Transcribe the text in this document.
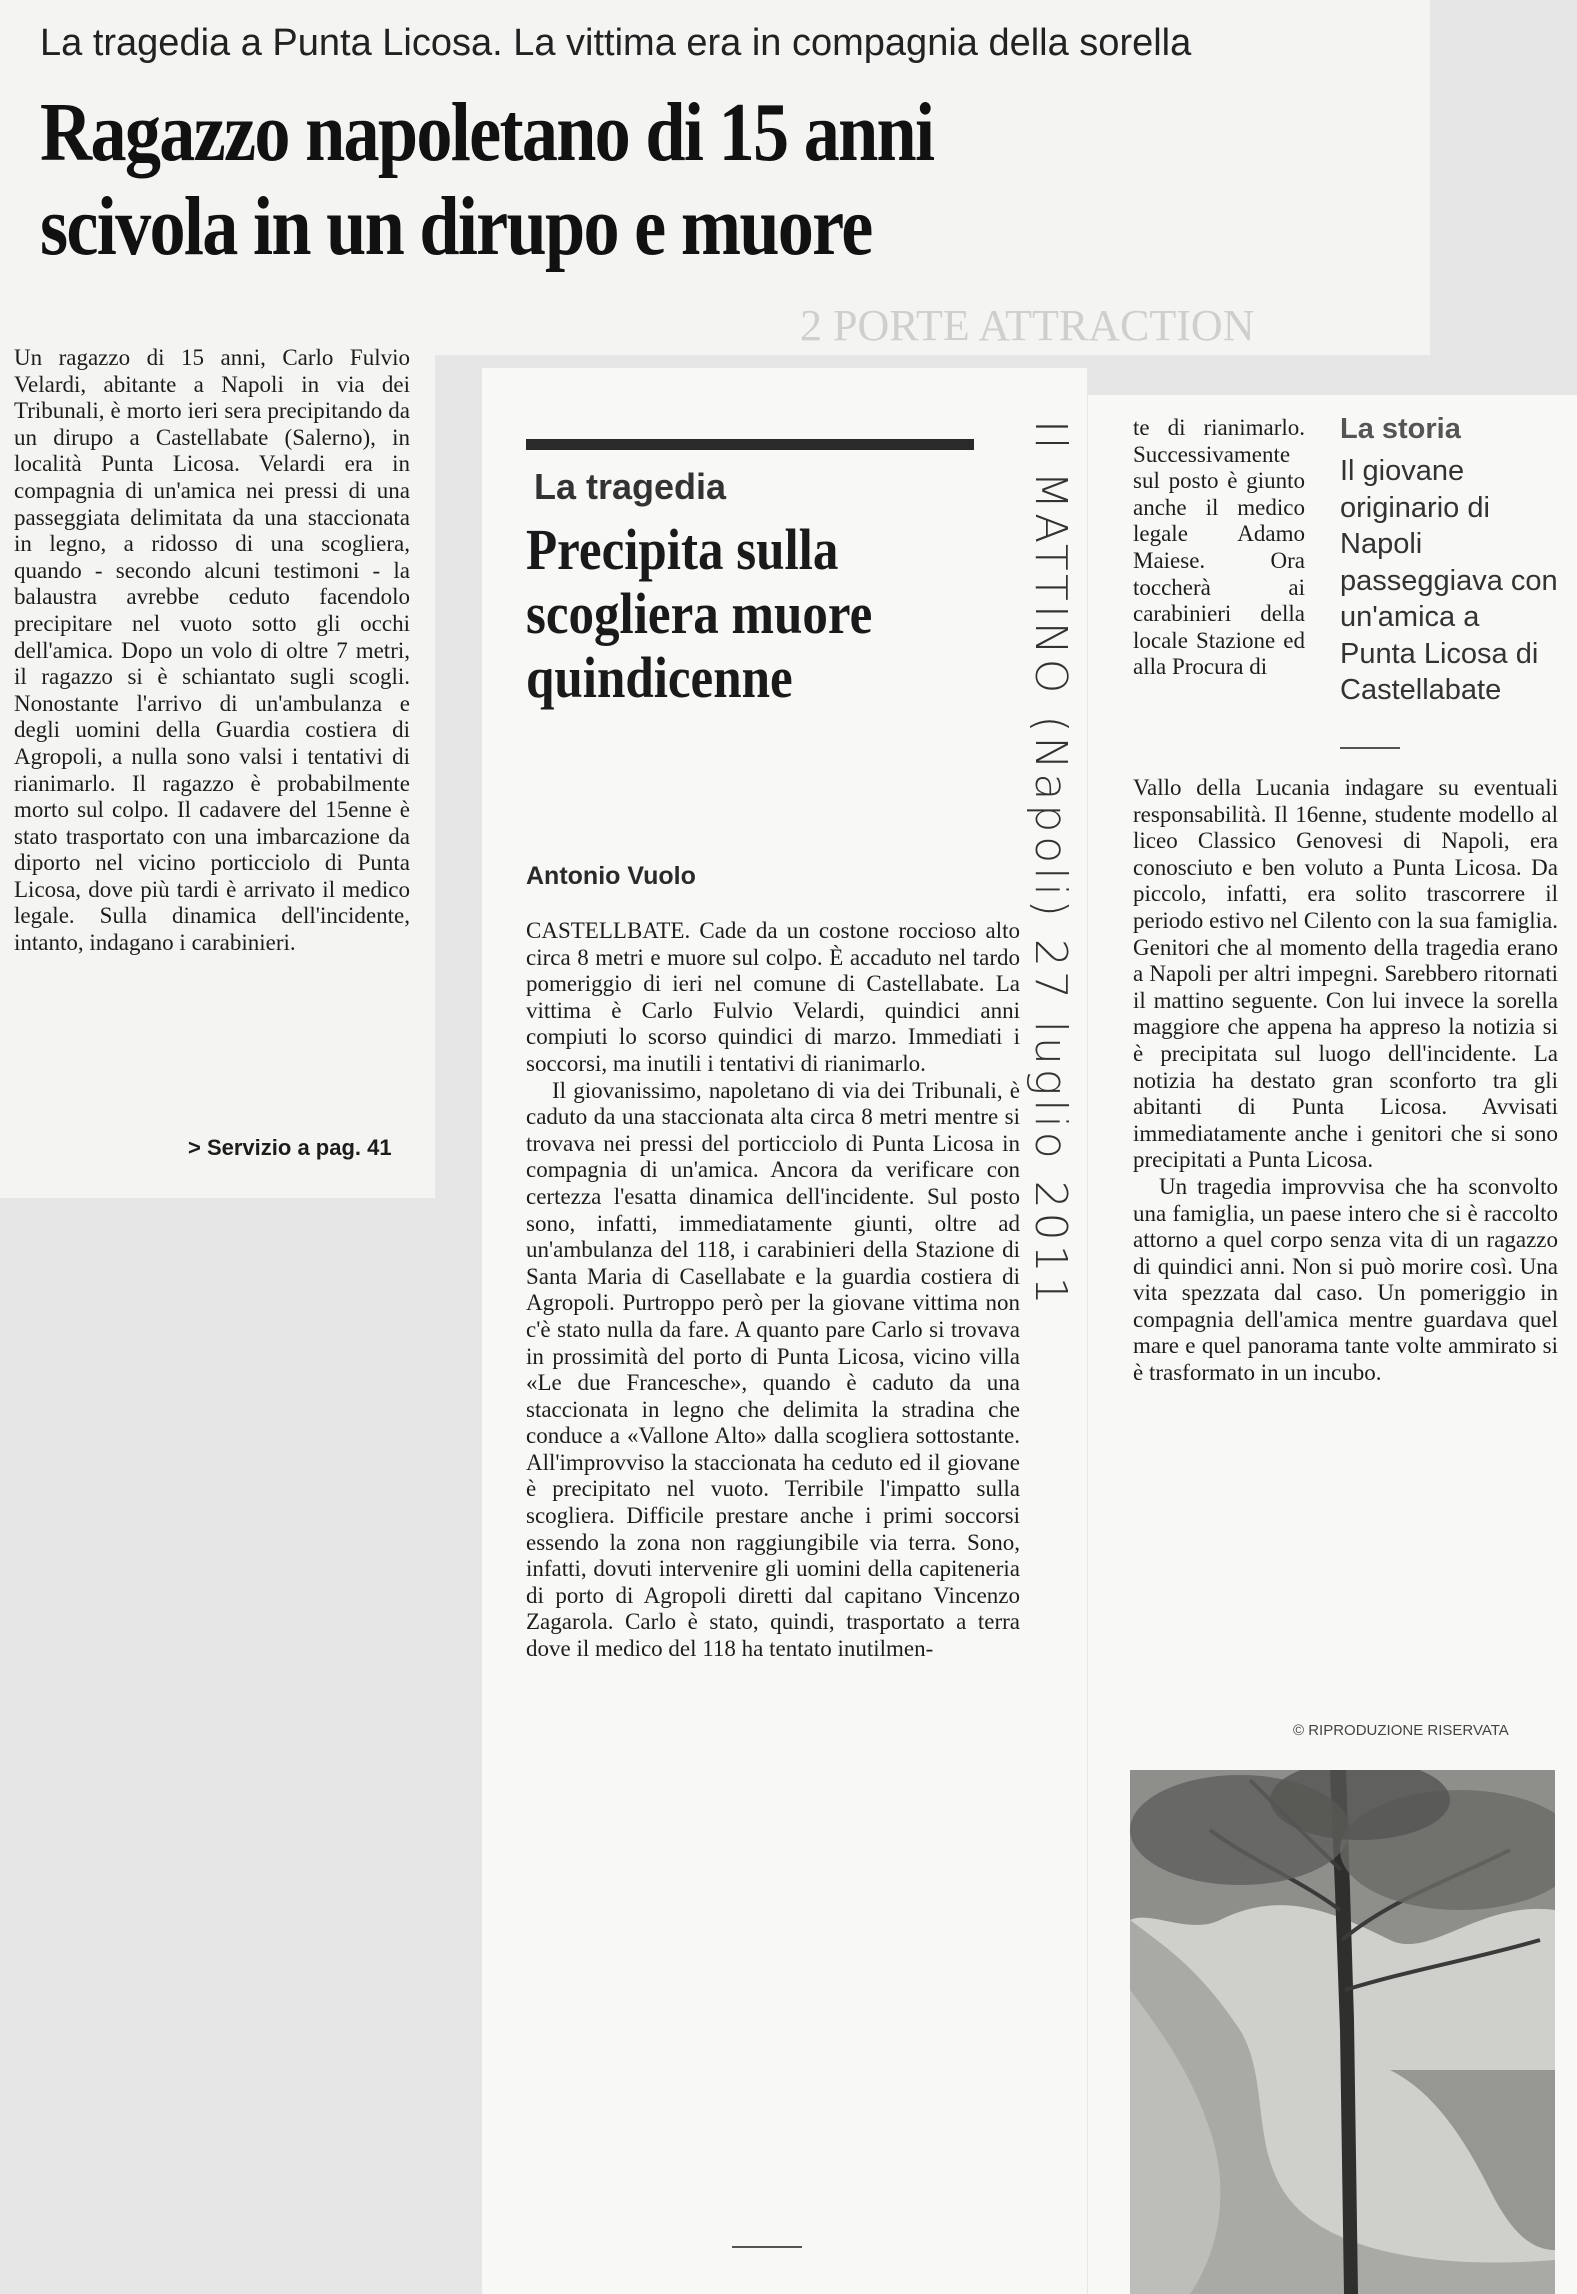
2 PORTE ATTRACTION
La tragedia a Punta Licosa. La vittima era in compagnia della sorella
Ragazzo napoletano di 15 anni
scivola in un dirupo e muore
Un ragazzo di 15 anni, Carlo Fulvio Velardi, abitante a Napoli in via dei Tribunali, è morto ieri sera precipitando da un dirupo a Castellabate (Salerno), in località Punta Licosa. Velardi era in compagnia di un'amica nei pressi di una passeggiata delimitata da una staccionata in legno, a ridosso di una scogliera, quando - secondo alcuni testimoni - la balaustra avrebbe ceduto facendolo precipitare nel vuoto sotto gli occhi dell'amica. Dopo un volo di oltre 7 metri, il ragazzo si è schiantato sugli scogli. Nonostante l'arrivo di un'ambulanza e degli uomini della Guardia costiera di Agropoli, a nulla sono valsi i tentativi di rianimarlo. Il ragazzo è probabilmente morto sul colpo. Il cadavere del 15enne è stato trasportato con una imbarcazione da diporto nel vicino porticciolo di Punta Licosa, dove più tardi è arrivato il medico legale. Sulla dinamica dell'incidente, intanto, indagano i carabinieri.
> Servizio a pag. 41
La tragedia
Precipita sulla scogliera muore quindicenne
Antonio Vuolo

CASTELLBATE. Cade da un costone roccioso alto circa 8 metri e muore sul colpo. È accaduto nel tardo pomeriggio di ieri nel comune di Castellabate. La vittima è Carlo Fulvio Velardi, quindici anni compiuti lo scorso quindici di marzo. Immediati i soccorsi, ma inutili i tentativi di rianimarlo.

Il giovanissimo, napoletano di via dei Tribunali, è caduto da una staccionata alta circa 8 metri mentre si trovava nei pressi del porticciolo di Punta Licosa in compagnia di un'amica. Ancora da verificare con certezza l'esatta dinamica dell'incidente. Sul posto sono, infatti, immediatamente giunti, oltre ad un'ambulanza del 118, i carabinieri della Stazione di Santa Maria di Casellabate e la guardia costiera di Agropoli. Purtroppo però per la giovane vittima non c'è stato nulla da fare. A quanto pare Carlo si trovava in prossimità del porto di Punta Licosa, vicino villa «Le due Francesche», quando è caduto da una staccionata in legno che delimita la stradina che conduce a «Vallone Alto» dalla scogliera sottostante. All'improvviso la staccionata ha ceduto ed il giovane è precipitato nel vuoto. Terribile l'impatto sulla scogliera. Difficile prestare anche i primi soccorsi essendo la zona non raggiungibile via terra. Sono, infatti, dovuti intervenire gli uomini della capiteneria di porto di Agropoli diretti dal capitano Vincenzo Zagarola. Carlo è stato, quindi, trasportato a terra dove il medico del 118 ha tentato inutilmen-

Il MATTINO (Napoli) 27 luglio 2011 te di rianimarlo. Successivamente sul posto è giunto anche il medico legale Adamo Maiese. Ora toccherà ai carabinieri della locale Stazione ed alla Procura di
La storia
Il giovane originario di Napoli passeggiava con un'amica a Punta Licosa di Castellabate

Vallo della Lucania indagare su eventuali responsabilità. Il 16enne, studente modello al liceo Classico Genovesi di Napoli, era conosciuto e ben voluto a Punta Licosa. Da piccolo, infatti, era solito trascorrere il periodo estivo nel Cilento con la sua famiglia. Genitori che al momento della tragedia erano a Napoli per altri impegni. Sarebbero ritornati il mattino seguente. Con lui invece la sorella maggiore che appena ha appreso la notizia si è precipitata sul luogo dell'incidente. La notizia ha destato gran sconforto tra gli abitanti di Punta Licosa. Avvisati immediatamente anche i genitori che si sono precipitati a Punta Licosa.

Un tragedia improvvisa che ha sconvolto una famiglia, un paese intero che si è raccolto attorno a quel corpo senza vita di un ragazzo di quindici anni. Non si può morire così. Una vita spezzata dal caso. Un pomeriggio in compagnia dell'amica mentre guardava quel mare e quel panorama tante volte ammirato si è trasformato in un incubo.

© RIPRODUZIONE RISERVATA
